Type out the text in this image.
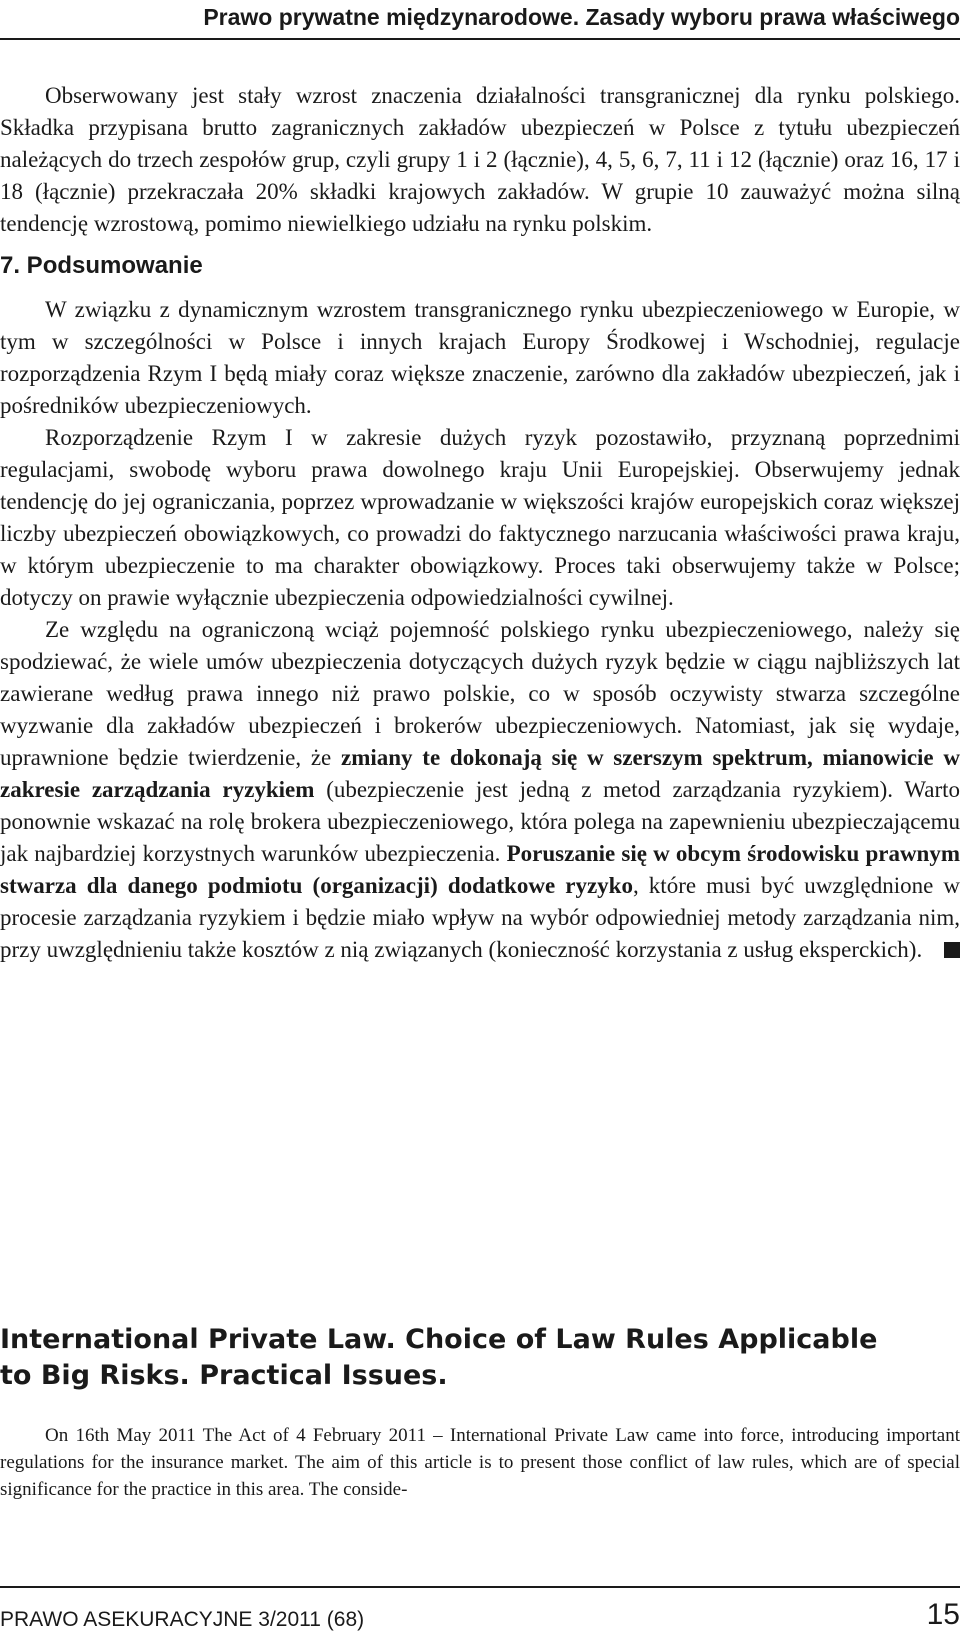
Prawo prywatne międzynarodowe. Zasady wyboru prawa właściwego

Obserwowany jest stały wzrost znaczenia działalności transgranicznej dla rynku polskiego. Składka przypisana brutto zagranicznych zakładów ubezpieczeń w Polsce z tytułu ubezpieczeń należących do trzech zespołów grup, czyli grupy 1 i 2 (łącznie), 4, 5, 6, 7, 11 i 12 (łącznie) oraz 16, 17 i 18 (łącznie) przekraczała 20% składki krajowych zakładów. W grupie 10 zauważyć można silną tendencję wzrostową, pomimo niewielkiego udziału na rynku polskim.

7. Podsumowanie

W związku z dynamicznym wzrostem transgranicznego rynku ubezpieczeniowego w Europie, w tym w szczególności w Polsce i innych krajach Europy Środkowej i Wschodniej, regulacje rozporządzenia Rzym I będą miały coraz większe znaczenie, zarówno dla zakładów ubezpieczeń, jak i pośredników ubezpieczeniowych.

Rozporządzenie Rzym I w zakresie dużych ryzyk pozostawiło, przyznaną poprzednimi regulacjami, swobodę wyboru prawa dowolnego kraju Unii Europejskiej. Obserwujemy jednak tendencję do jej ograniczania, poprzez wprowadzanie w większości krajów europejskich coraz większej liczby ubezpieczeń obowiązkowych, co prowadzi do faktycznego narzucania właściwości prawa kraju, w którym ubezpieczenie to ma charakter obowiązkowy. Proces taki obserwujemy także w Polsce; dotyczy on prawie wyłącznie ubezpieczenia odpowiedzialności cywilnej.

Ze względu na ograniczoną wciąż pojemność polskiego rynku ubezpieczeniowego, należy się spodziewać, że wiele umów ubezpieczenia dotyczących dużych ryzyk będzie w ciągu najbliższych lat zawierane według prawa innego niż prawo polskie, co w sposób oczywisty stwarza szczególne wyzwanie dla zakładów ubezpieczeń i brokerów ubezpieczeniowych. Natomiast, jak się wydaje, uprawnione będzie twierdzenie, że zmiany te dokonają się w szerszym spektrum, mianowicie w zakresie zarządzania ryzykiem (ubezpieczenie jest jedną z metod zarządzania ryzykiem). Warto ponownie wskazać na rolę brokera ubezpieczeniowego, która polega na zapewnieniu ubezpieczającemu jak najbardziej korzystnych warunków ubezpieczenia. Poruszanie się w obcym środowisku prawnym stwarza dla danego podmiotu (organizacji) dodatkowe ryzyko, które musi być uwzględnione w procesie zarządzania ryzykiem i będzie miało wpływ na wybór odpowiedniej metody zarządzania nim, przy uwzględnieniu także kosztów z nią związanych (konieczność korzystania z usług eksperckich).

International Private Law. Choice of Law Rules Applicable
to Big Risks. Practical Issues.
On 16th May 2011 The Act of 4 February 2011 – International Private Law came into force, introducing important regulations for the insurance market. The aim of this article is to present those conflict of law rules, which are of special significance for the practice in this area. The conside-
PRAWO ASEKURACYJNE 3/2011 (68)	15
